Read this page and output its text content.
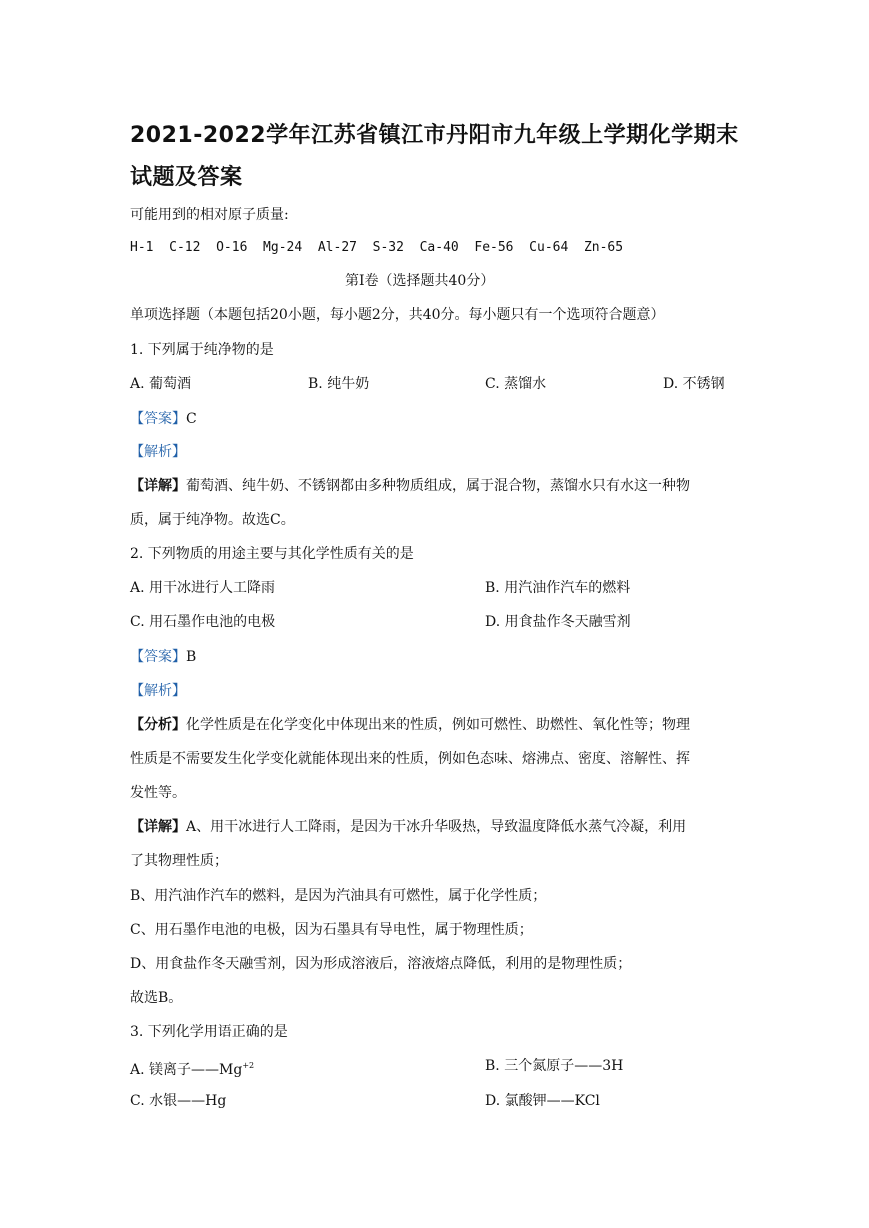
2021-2022学年江苏省镇江市丹阳市九年级上学期化学期末
试题及答案
可能用到的相对原子质量:
H-1  C-12  O-16  Mg-24  Al-27  S-32  Ca-40  Fe-56  Cu-64  Zn-65
第Ⅰ卷（选择题共40分）
单项选择题（本题包括20小题，每小题2分，共40分。每小题只有一个选项符合题意）
1. 下列属于纯净物的是
A. 葡萄酒	B. 纯牛奶	C. 蒸馏水	D. 不锈钢
【答案】C
【解析】
【详解】葡萄酒、纯牛奶、不锈钢都由多种物质组成，属于混合物，蒸馏水只有水这一种物
质，属于纯净物。故选C。
2. 下列物质的用途主要与其化学性质有关的是
A. 用干冰进行人工降雨	B. 用汽油作汽车的燃料
C. 用石墨作电池的电极	D. 用食盐作冬天融雪剂
【答案】B
【解析】
【分析】化学性质是在化学变化中体现出来的性质，例如可燃性、助燃性、氧化性等；物理
性质是不需要发生化学变化就能体现出来的性质，例如色态味、熔沸点、密度、溶解性、挥
发性等。
【详解】A、用干冰进行人工降雨，是因为干冰升华吸热，导致温度降低水蒸气冷凝，利用
了其物理性质；
B、用汽油作汽车的燃料，是因为汽油具有可燃性，属于化学性质；
C、用石墨作电池的电极，因为石墨具有导电性，属于物理性质；
D、用食盐作冬天融雪剂，因为形成溶液后，溶液熔点降低，利用的是物理性质；
故选B。
3. 下列化学用语正确的是
A. 镁离子$——Mg^{+2}$	B. 三个氮原子——3H
C. 水银——Hg	D. 氯酸钾——KCl
